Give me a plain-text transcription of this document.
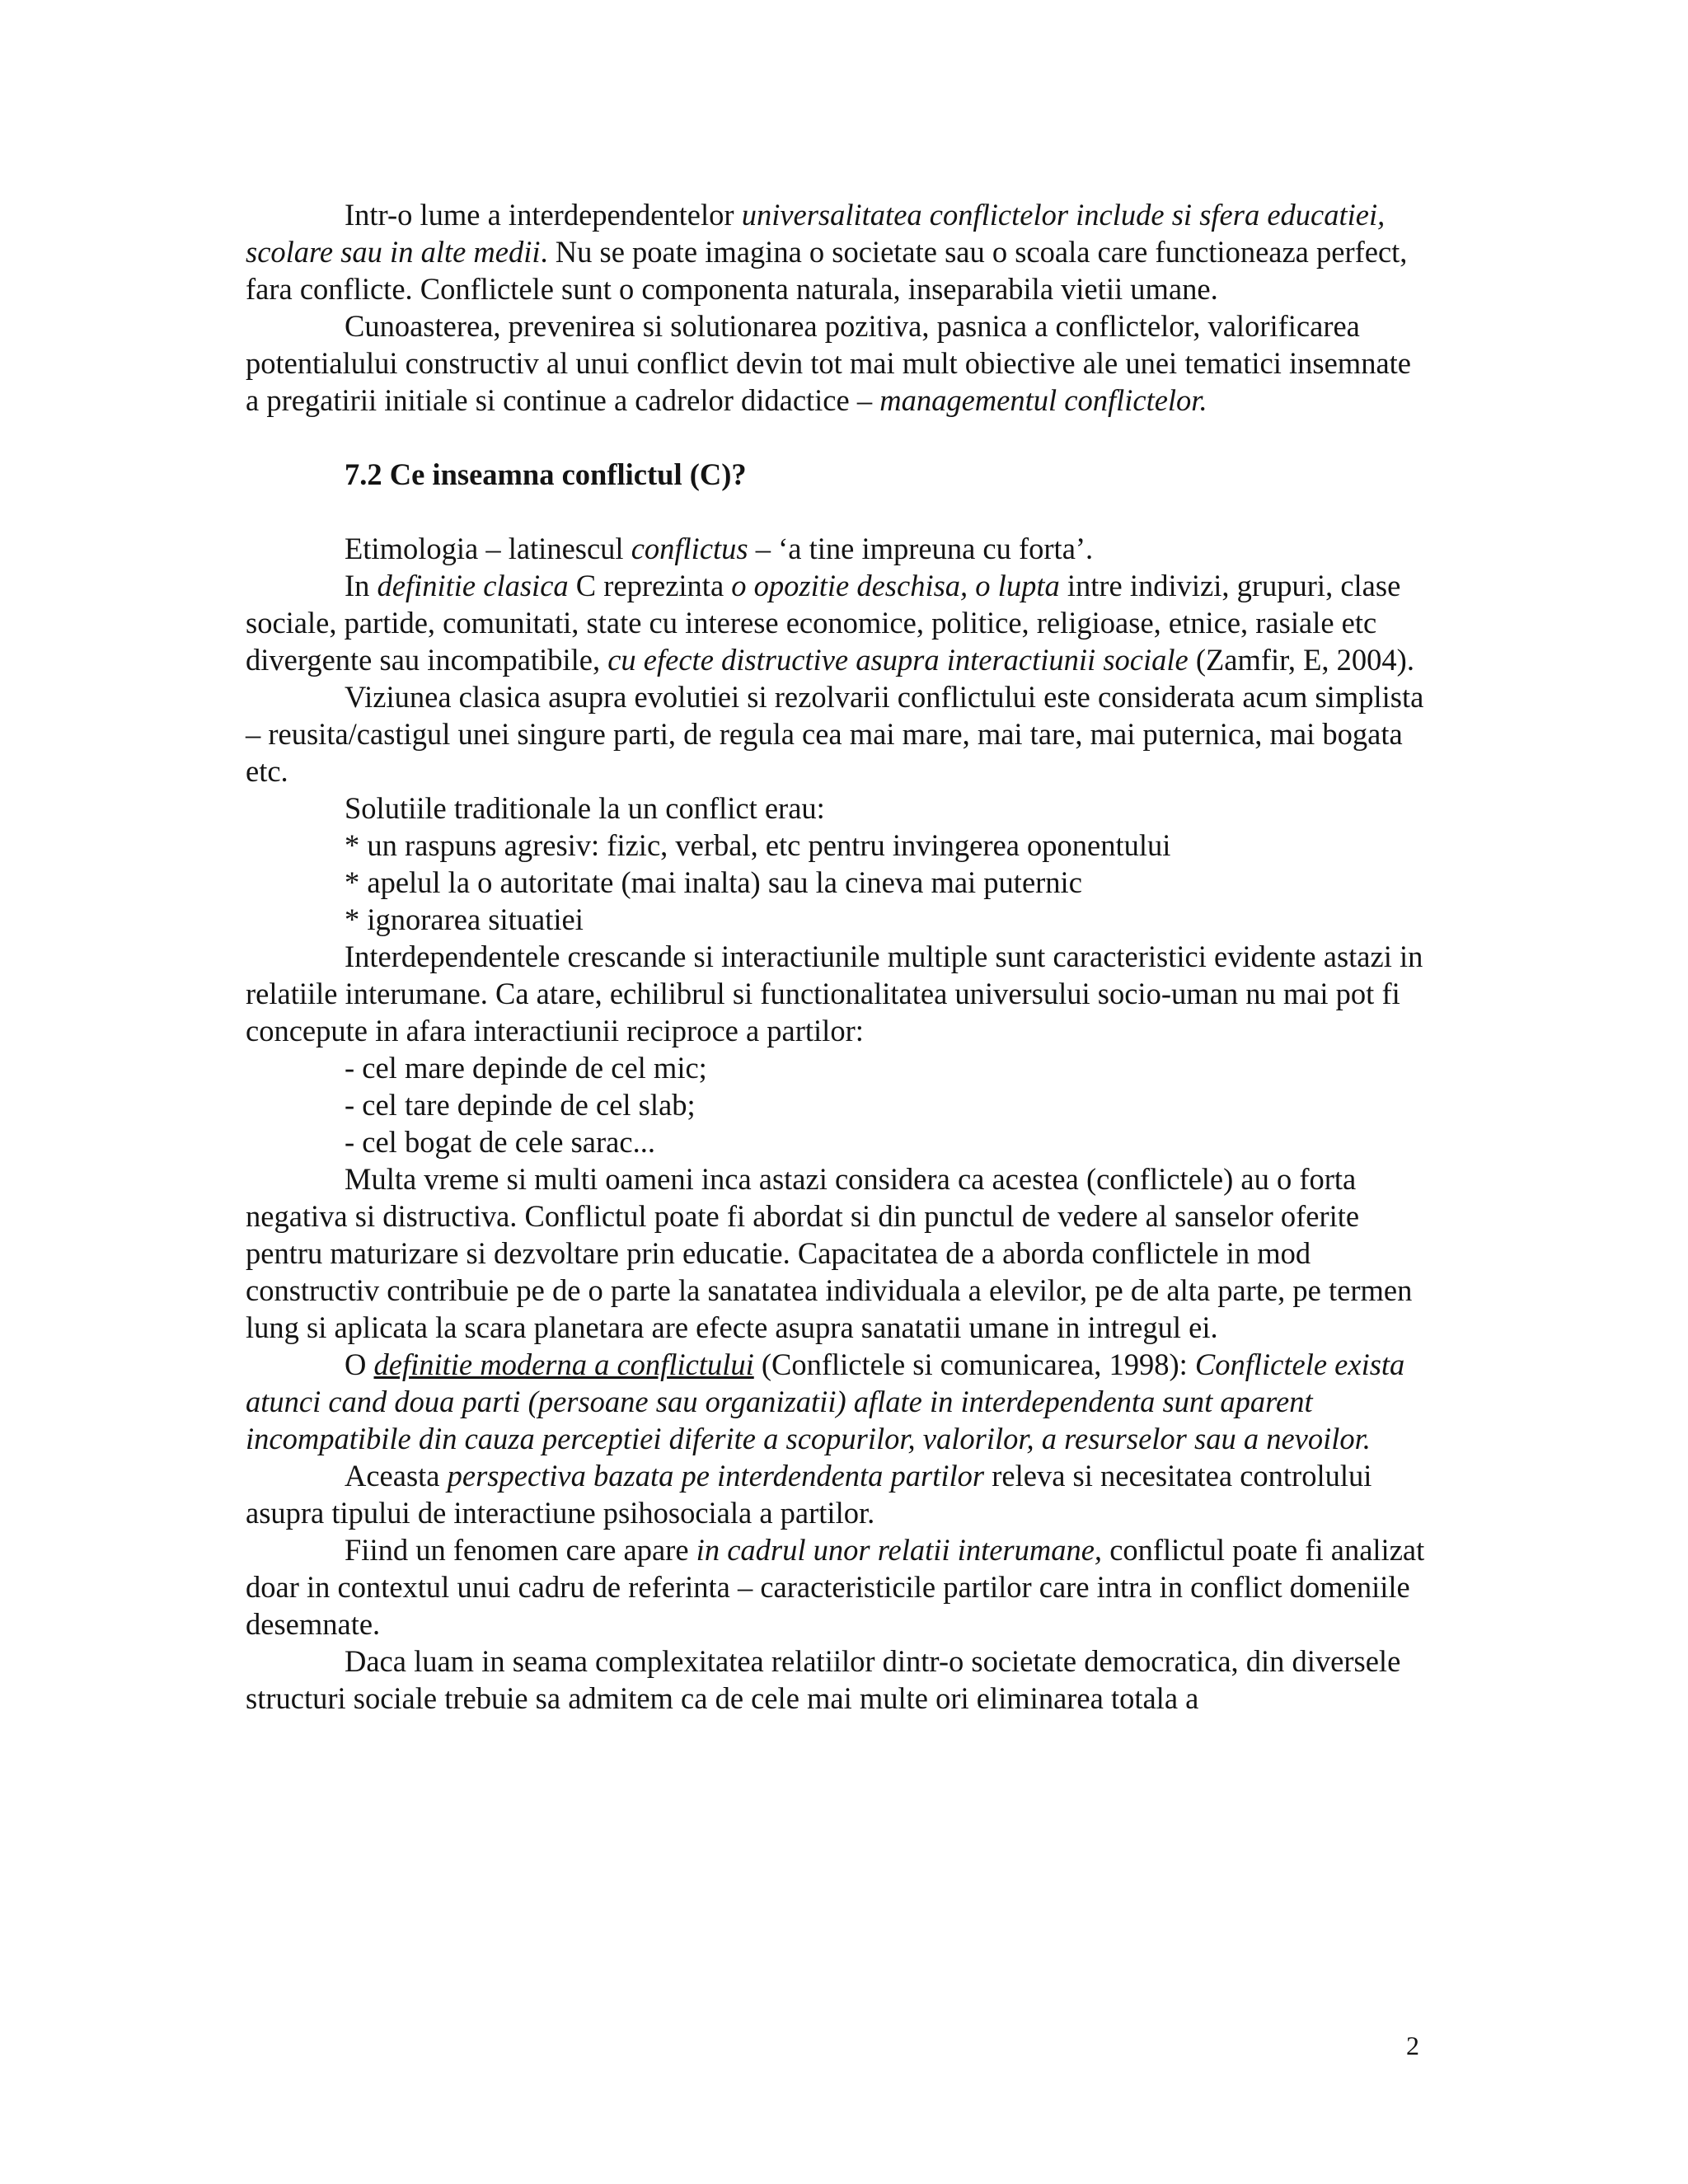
Intr-o lume a interdependentelor universalitatea conflictelor include si sfera educatiei, scolare sau in alte medii. Nu se poate imagina o societate sau o scoala care functioneaza perfect, fara conflicte. Conflictele sunt o componenta naturala, inseparabila vietii umane.

Cunoasterea, prevenirea si solutionarea pozitiva, pasnica a conflictelor, valorificarea potentialului constructiv al unui conflict devin tot mai mult obiective ale unei tematici insemnate a pregatirii initiale si continue a cadrelor didactice – managementul conflictelor.

7.2 Ce inseamna conflictul (C)?

Etimologia – latinescul conflictus – ‘a tine impreuna cu forta’.

In definitie clasica C reprezinta o opozitie deschisa, o lupta intre indivizi, grupuri, clase sociale, partide, comunitati, state cu interese economice, politice, religioase, etnice, rasiale etc divergente sau incompatibile, cu efecte distructive asupra interactiunii sociale (Zamfir, E, 2004).

Viziunea clasica asupra evolutiei si rezolvarii conflictului este considerata acum simplista – reusita/castigul unei singure parti, de regula cea mai mare, mai tare, mai puternica, mai bogata etc.

Solutiile traditionale la un conflict erau:

* un raspuns agresiv: fizic, verbal, etc pentru invingerea oponentului

* apelul la o autoritate (mai inalta) sau la cineva mai puternic

* ignorarea situatiei

Interdependentele crescande si interactiunile multiple sunt caracteristici evidente astazi in relatiile interumane. Ca atare, echilibrul si functionalitatea universului socio-uman nu mai pot fi concepute in afara interactiunii reciproce a partilor:

- cel mare depinde de cel mic;

- cel tare depinde de cel slab;

- cel bogat de cele sarac...

Multa vreme si multi oameni inca astazi considera ca acestea (conflictele) au o forta negativa si distructiva. Conflictul poate fi abordat si din punctul de vedere al sanselor oferite pentru maturizare si dezvoltare prin educatie. Capacitatea de a aborda conflictele in mod constructiv contribuie pe de o parte la sanatatea individuala a elevilor, pe de alta parte, pe termen lung si aplicata la scara planetara are efecte asupra sanatatii umane in intregul ei.

O definitie moderna a conflictului (Conflictele si comunicarea, 1998): Conflictele exista atunci cand doua parti (persoane sau organizatii) aflate in interdependenta sunt aparent incompatibile din cauza perceptiei diferite a scopurilor, valorilor, a resurselor sau a nevoilor.

Aceasta perspectiva bazata pe interdendenta partilor releva si necesitatea controlului asupra tipului de interactiune psihosociala a partilor.

Fiind un fenomen care apare in cadrul unor relatii interumane, conflictul poate fi analizat doar in contextul unui cadru de referinta – caracteristicile partilor care intra in conflict domeniile desemnate.

Daca luam in seama complexitatea relatiilor dintr-o societate democratica, din diversele structuri sociale trebuie sa admitem ca de cele mai multe ori eliminarea totala a

2
